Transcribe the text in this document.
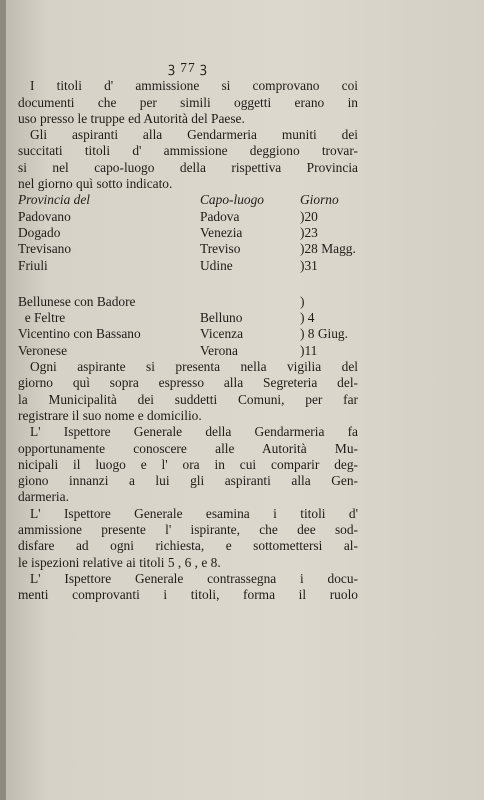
ꝫ 77 ꝫ
I titoli d' ammissione si comprovano coi
documenti che per simili oggetti erano in
uso presso le truppe ed Autorità del Paese.
Gli aspiranti alla Gendarmeria muniti dei
succitati titoli d' ammissione deggiono trovar-
si nel capo-luogo della rispettiva Provincia
nel giorno quì sotto indicato.
Provincia del	Capo-luogo	Giorno
Padovano	Padova	)20
Dogado	Venezia	)23
Trevisano	Treviso	)28 Magg.
Friuli	Udine	)31
Bellunese con Badore		)
e Feltre	Belluno	) 4
Vicentino con Bassano	Vicenza	) 8 Giug.
Veronese	Verona	)11
Ogni aspirante si presenta nella vigilia del
giorno quì sopra espresso alla Segreteria del-
la Municipalità dei suddetti Comuni, per far
registrare il suo nome e domicilio.
L' Ispettore Generale della Gendarmeria fa
opportunamente conoscere alle Autorità Mu-
nicipali il luogo e l' ora in cui comparir deg-
giono innanzi a lui gli aspiranti alla Gen-
darmeria.
L' Ispettore Generale esamina i titoli d'
ammissione presente l' ispirante, che dee sod-
disfare ad ogni richiesta, e sottomettersi al-
le ispezioni relative ai titoli 5 , 6 , e 8.
L' Ispettore Generale contrassegna i docu-
menti comprovanti i titoli, forma il ruolo
